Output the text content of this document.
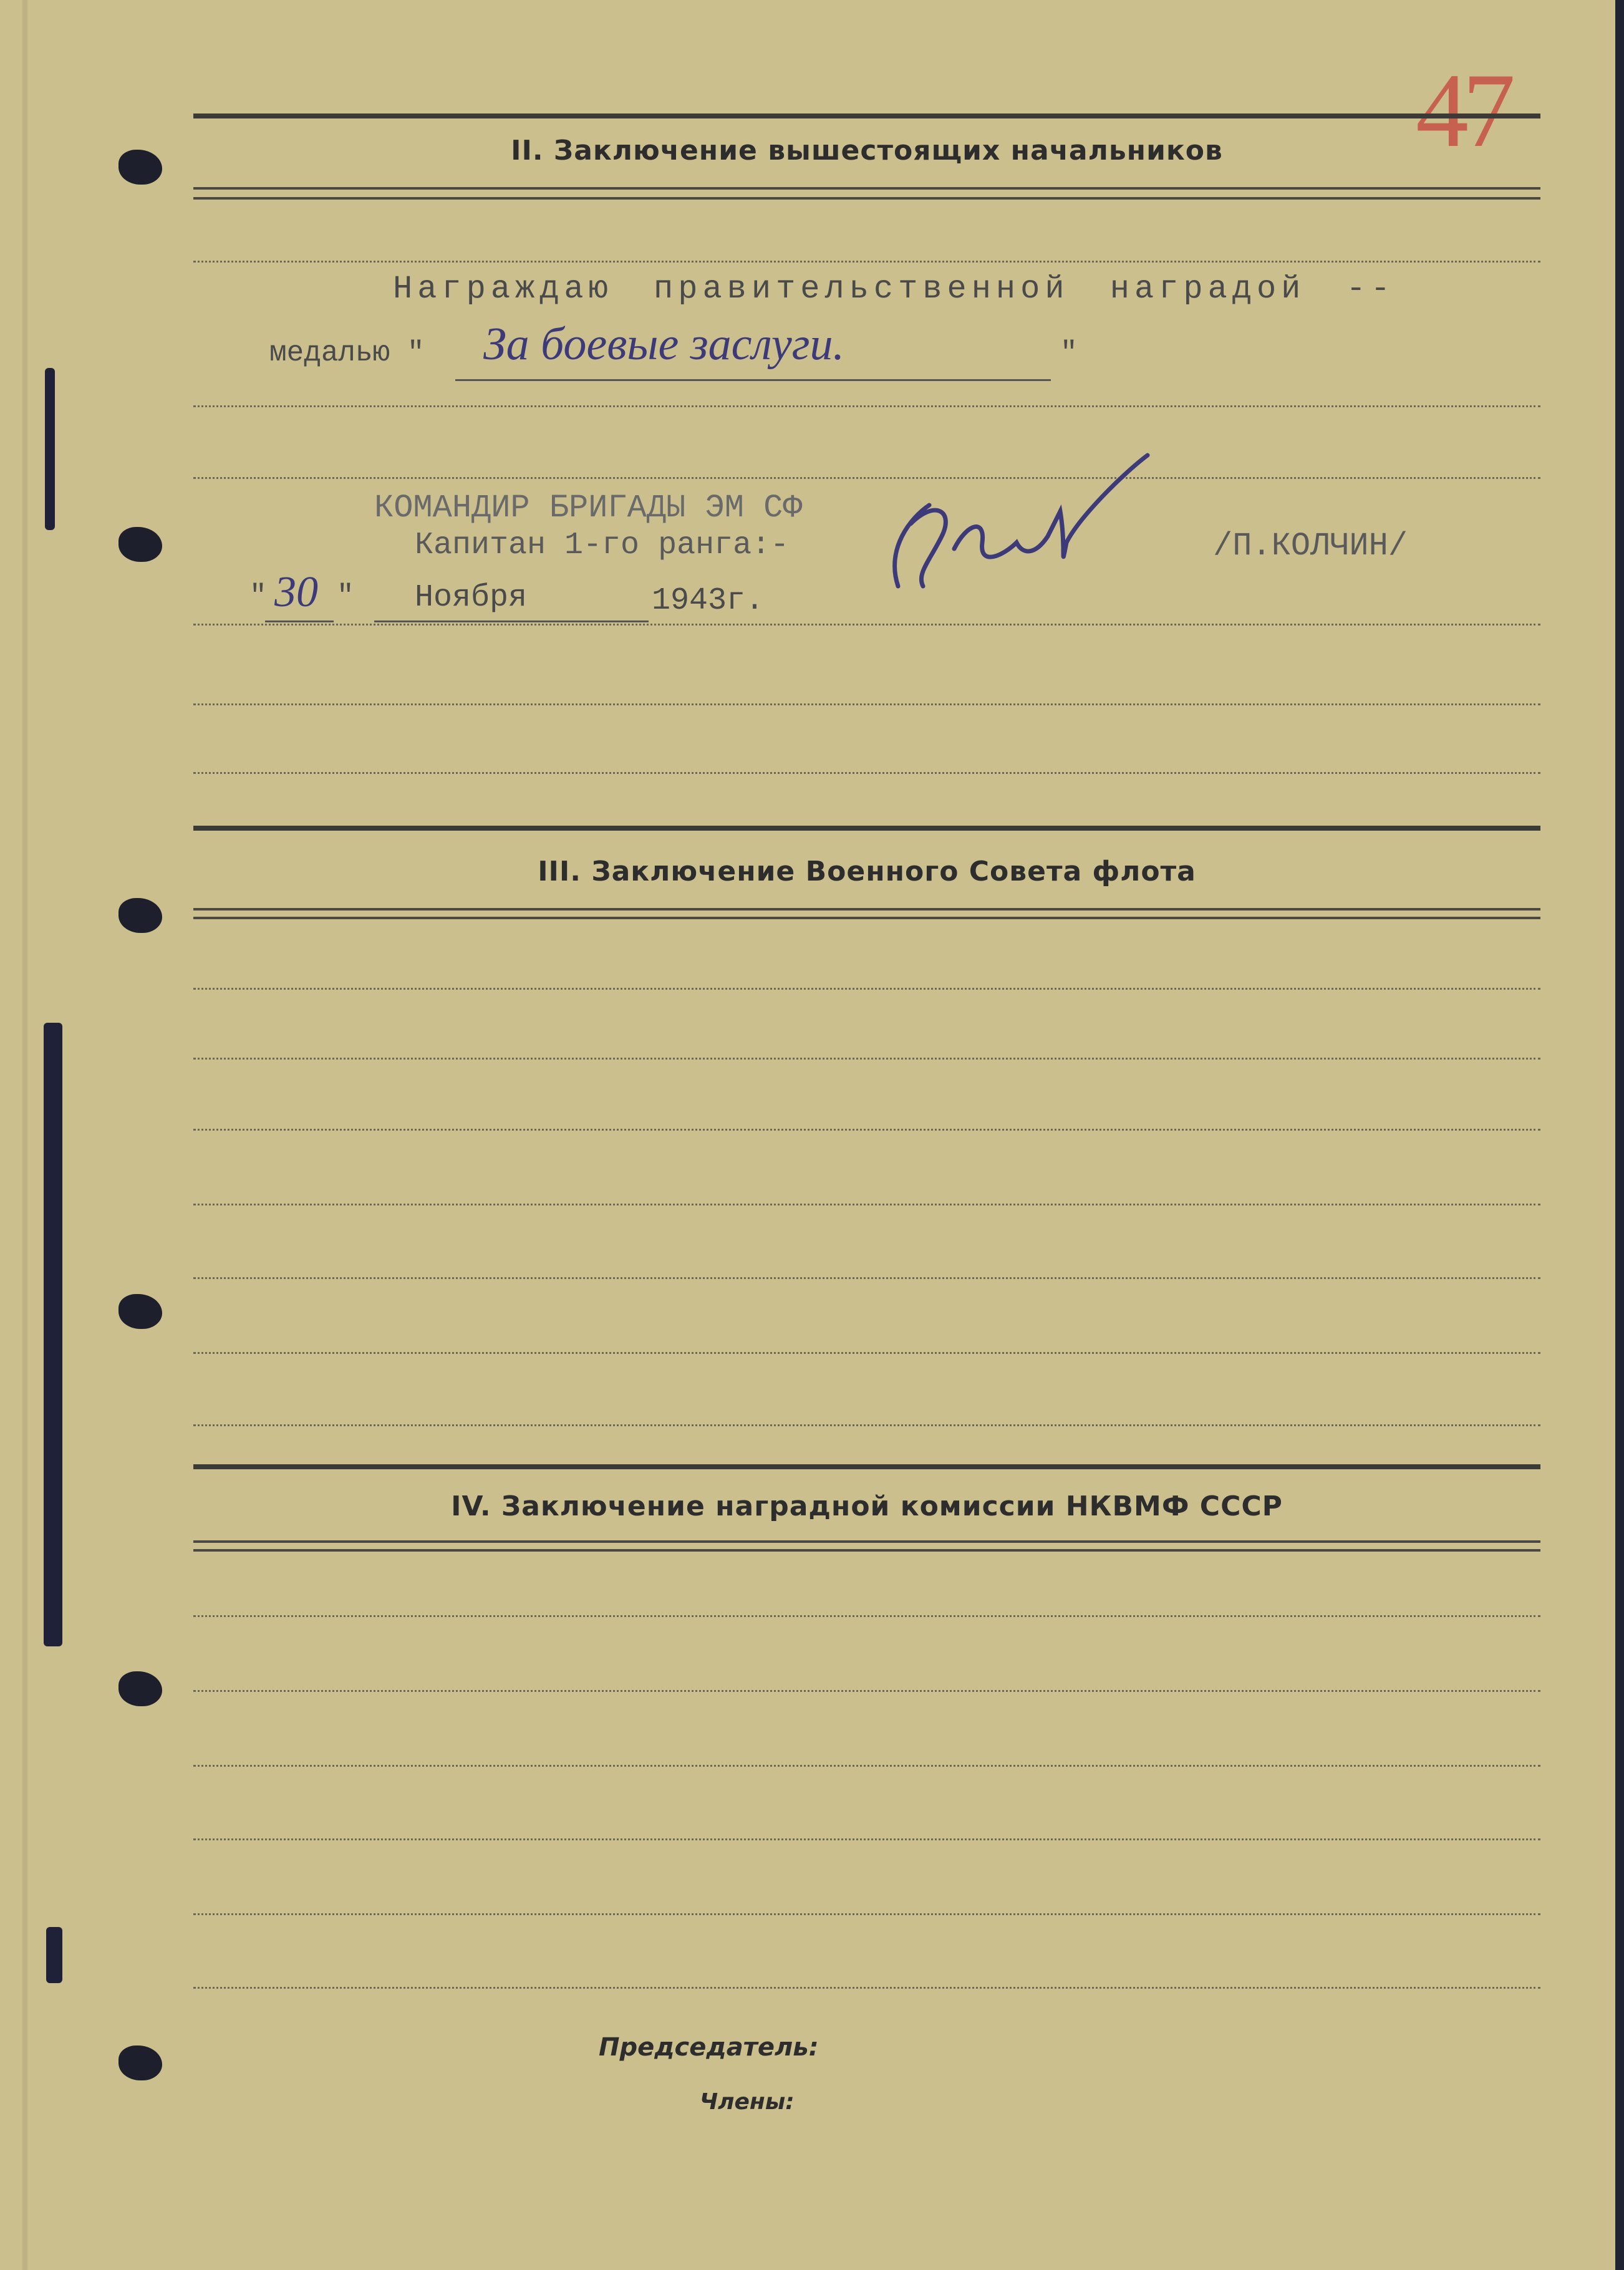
47
II. Заключение вышестоящих начальников
Награждаю правительственной наградой --
медалью " За боевые заслуги.	"
КОМАНДИР БРИГАДЫ ЭМ СФ
Капитан 1-го ранга:-	/П.КОЛЧИН/
" 30 " Ноября	1943г.
III. Заключение Военного Совета флота
IV. Заключение наградной комиссии НКВМФ СССР
Председатель:
Члены:
